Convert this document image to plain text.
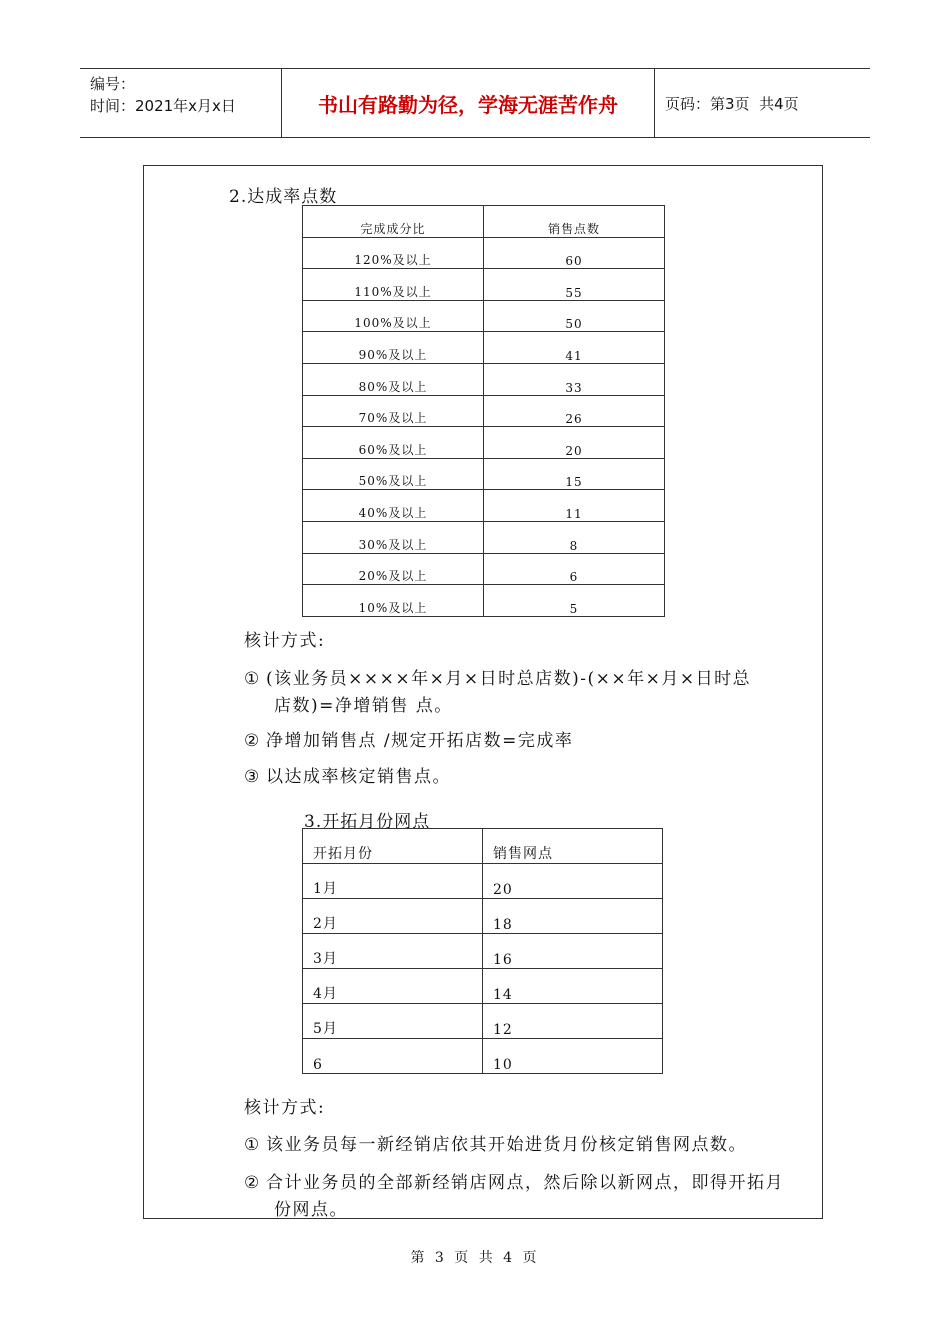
编号：
时间：2021年x月x日	书山有路勤为径，学海无涯苦作舟	页码：第3页  共4页
2.达成率点数
完成成分比	销售点数
120%及以上	60
110%及以上	55
100%及以上	50
90%及以上	41
80%及以上	33
70%及以上	26
60%及以上	20
50%及以上	15
40%及以上	11
30%及以上	8
20%及以上	6
10%及以上	5
核计方式:
① (该业务员××××年×月×日时总店数)-(××年×月×日时总
店数)=净增销售 点。
② 净增加销售点 /规定开拓店数=完成率
③ 以达成率核定销售点。
3.开拓月份网点
开拓月份	销售网点
1月	20
2月	18
3月	16
4月	14
5月	12
6	10
核计方式:
① 该业务员每一新经销店依其开始进货月份核定销售网点数。
② 合计业务员的全部新经销店网点，然后除以新网点，即得开拓月
份网点。
第 3 页 共 4 页
